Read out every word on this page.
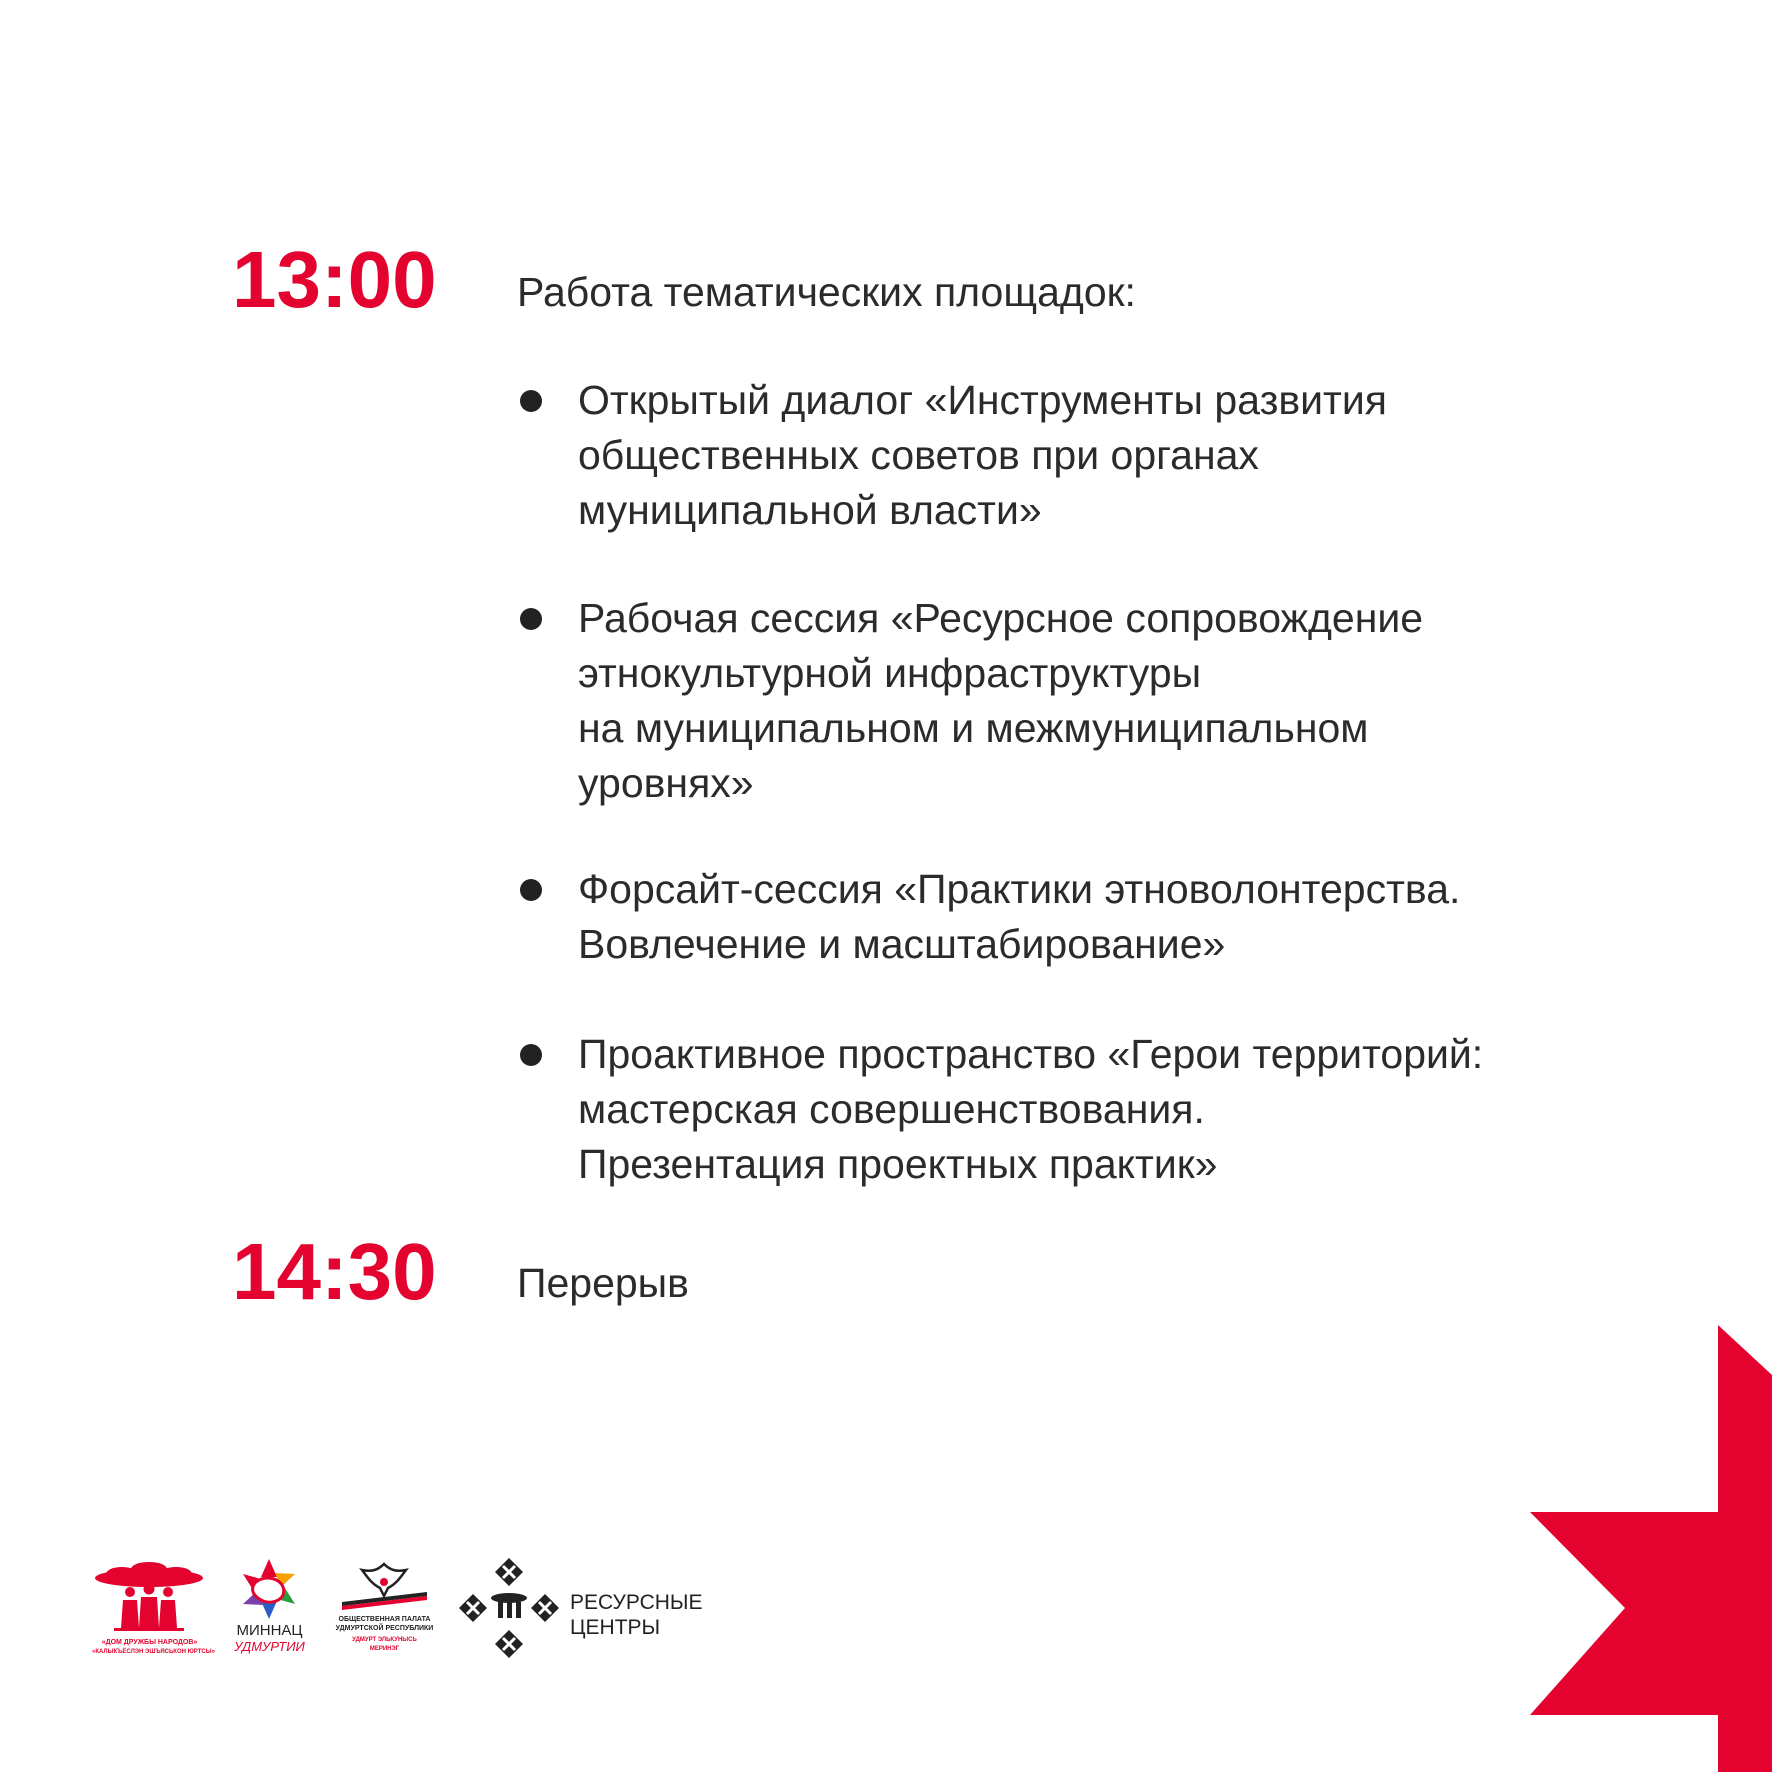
13:00 Работа тематических площадок:
Открытый диалог «Инструменты развития
общественных советов при органах
муниципальной власти»
Рабочая сессия «Ресурсное сопровождение
этнокультурной инфраструктуры
на муниципальном и межмуниципальном
уровнях»
Форсайт-сессия «Практики этноволонтерства.
Вовлечение и масштабирование»
Проактивное пространство «Герои территорий:
мастерская совершенствования.
Презентация проектных практик»
14:30 Перерыв
«ДОМ ДРУЖБЫ НАРОДОВ»
«КАЛЫКЪЁСЛЭН ЭШЪЯСЬКОН ЮРТСЫ»
МИННАЦ
УДМУРТИИ
ОБЩЕСТВЕННАЯ ПАЛАТА
УДМУРТСКОЙ РЕСПУБЛИКИ
УДМУРТ ЭЛЬКУНЫСЬ
МЕРИНЭГ
РЕСУРСНЫЕ
ЦЕНТРЫ
